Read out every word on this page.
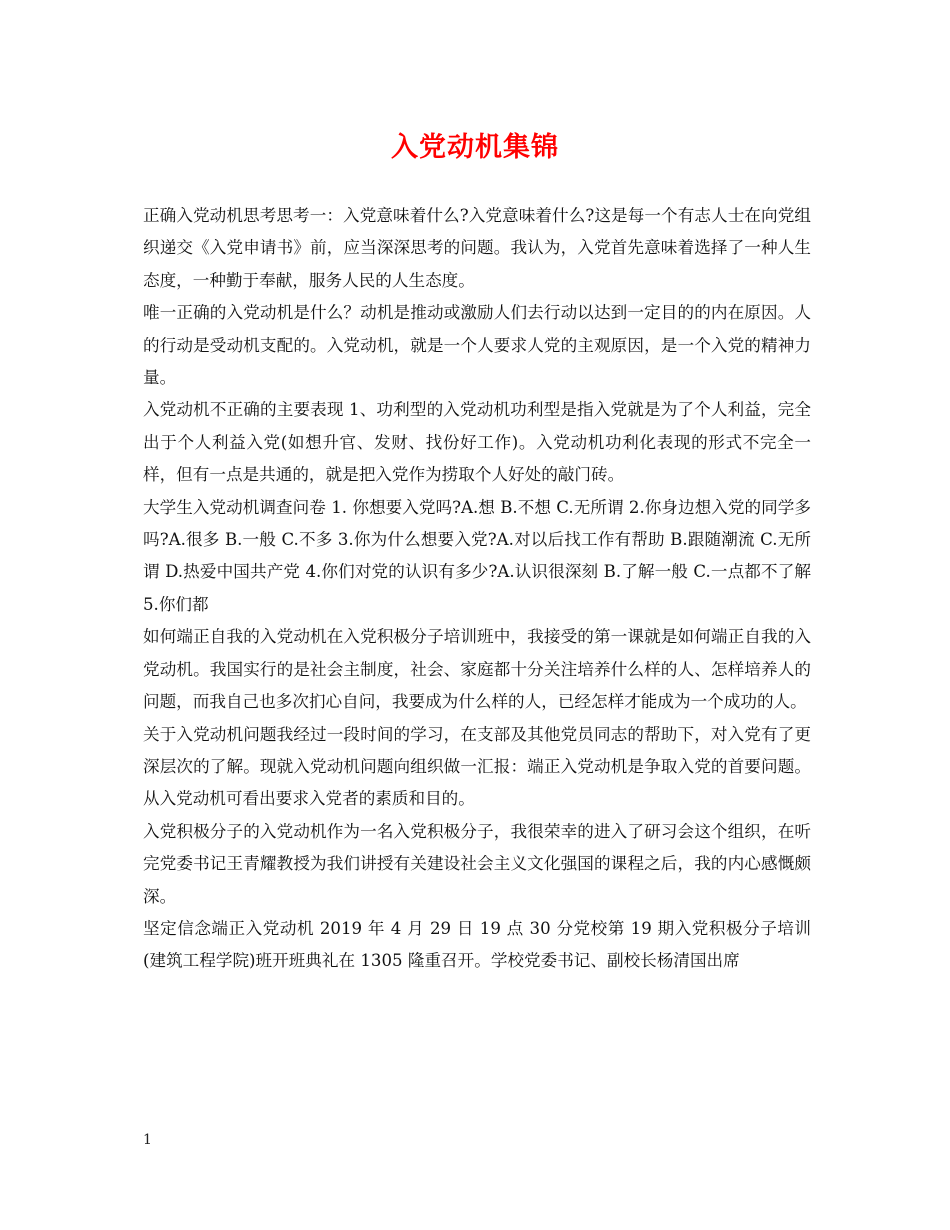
入党动机集锦

正确入党动机思考思考一：入党意味着什么?入党意味着什么?这是每一个有志人士在向党组织递交《入党申请书》前，应当深深思考的问题。我认为，入党首先意味着选择了一种人生态度，一种勤于奉献，服务人民的人生态度。

唯一正确的入党动机是什么？动机是推动或激励人们去行动以达到一定目的的内在原因。人的行动是受动机支配的。入党动机，就是一个人要求人党的主观原因，是一个入党的精神力量。

入党动机不正确的主要表现 1、功利型的入党动机功利型是指入党就是为了个人利益，完全出于个人利益入党(如想升官、发财、找份好工作)。入党动机功利化表现的形式不完全一样，但有一点是共通的，就是把入党作为捞取个人好处的敲门砖。

大学生入党动机调查问卷 1. 你想要入党吗?A.想 B.不想 C.无所谓 2.你身边想入党的同学多吗?A.很多 B.一般 C.不多 3.你为什么想要入党?A.对以后找工作有帮助 B.跟随潮流 C.无所谓 D.热爱中国共产党 4.你们对党的认识有多少?A.认识很深刻 B.了解一般 C.一点都不了解 5.你们都

如何端正自我的入党动机在入党积极分子培训班中，我接受的第一课就是如何端正自我的入党动机。我国实行的是社会主制度，社会、家庭都十分关注培养什么样的人、怎样培养人的问题，而我自己也多次扪心自问，我要成为什么样的人，已经怎样才能成为一个成功的人。

关于入党动机问题我经过一段时间的学习，在支部及其他党员同志的帮助下，对入党有了更深层次的了解。现就入党动机问题向组织做一汇报：端正入党动机是争取入党的首要问题。从入党动机可看出要求入党者的素质和目的。

入党积极分子的入党动机作为一名入党积极分子，我很荣幸的进入了研习会这个组织，在听完党委书记王青耀教授为我们讲授有关建设社会主义文化强国的课程之后，我的内心感慨颇深。

坚定信念端正入党动机 2019 年 4 月 29 日 19 点 30 分党校第 19 期入党积极分子培训(建筑工程学院)班开班典礼在 1305 隆重召开。学校党委书记、副校长杨清国出席

1
